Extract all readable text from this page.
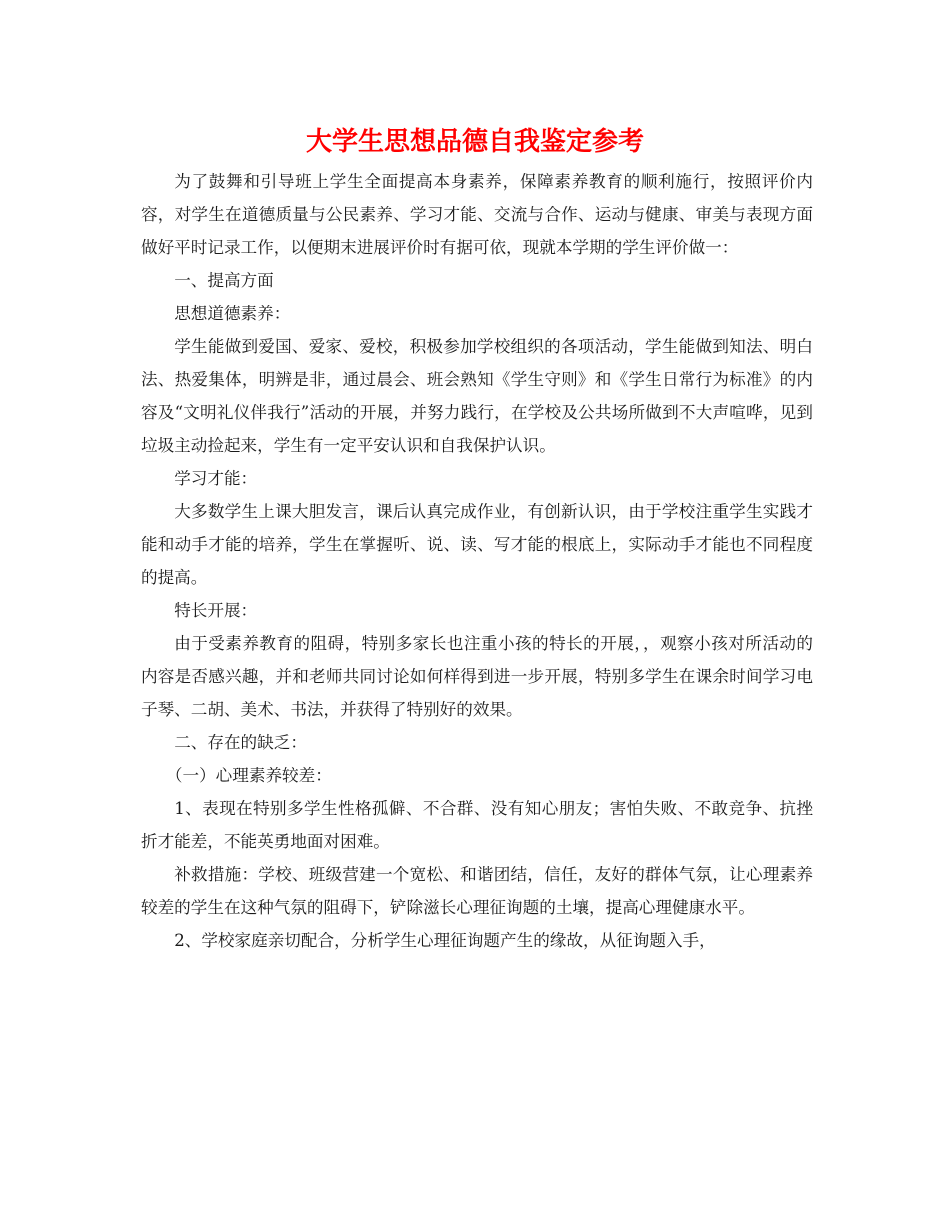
大学生思想品德自我鉴定参考

为了鼓舞和引导班上学生全面提高本身素养，保障素养教育的顺利施行，按照评价内容，对学生在道德质量与公民素养、学习才能、交流与合作、运动与健康、审美与表现方面做好平时记录工作，以便期末进展评价时有据可依，现就本学期的学生评价做一：

一、提高方面

思想道德素养：

学生能做到爱国、爱家、爱校，积极参加学校组织的各项活动，学生能做到知法、明白法、热爱集体，明辨是非，通过晨会、班会熟知《学生守则》和《学生日常行为标准》的内容及“文明礼仪伴我行”活动的开展，并努力践行，在学校及公共场所做到不大声喧哗，见到垃圾主动捡起来，学生有一定平安认识和自我保护认识。

学习才能：

大多数学生上课大胆发言，课后认真完成作业，有创新认识，由于学校注重学生实践才能和动手才能的培养，学生在掌握听、说、读、写才能的根底上，实际动手才能也不同程度的提高。

特长开展：

由于受素养教育的阻碍，特别多家长也注重小孩的特长的开展，，观察小孩对所活动的内容是否感兴趣，并和老师共同讨论如何样得到进一步开展，特别多学生在课余时间学习电子琴、二胡、美术、书法，并获得了特别好的效果。

二、存在的缺乏：

（一）心理素养较差：

1、表现在特别多学生性格孤僻、不合群、没有知心朋友；害怕失败、不敢竞争、抗挫折才能差，不能英勇地面对困难。

补救措施：学校、班级营建一个宽松、和谐团结，信任，友好的群体气氛，让心理素养较差的学生在这种气氛的阻碍下，铲除滋长心理征询题的土壤，提高心理健康水平。

2、学校家庭亲切配合，分析学生心理征询题产生的缘故，从征询题入手，
